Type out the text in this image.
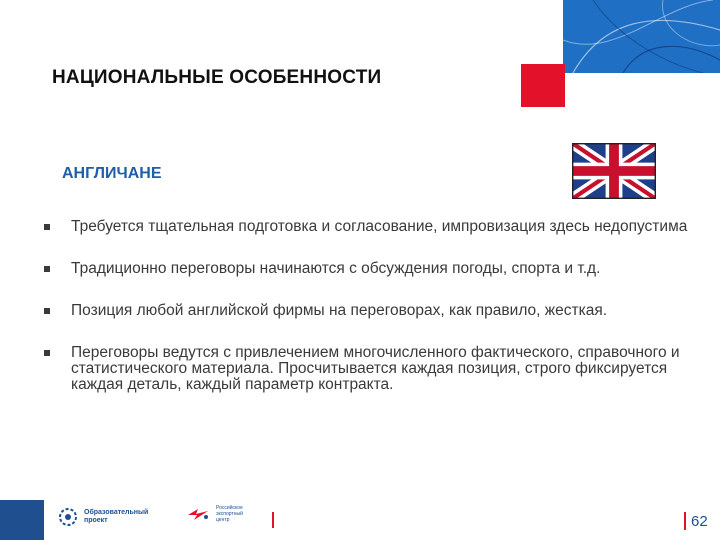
НАЦИОНАЛЬНЫЕ ОСОБЕННОСТИ
АНГЛИЧАНЕ
Требуется тщательная подготовка и согласование, импровизация здесь недопустима
Традиционно переговоры начинаются с обсуждения погоды, спорта и т.д.
Позиция любой английской фирмы на переговорах, как правило, жесткая.
Переговоры ведутся с привлечением многочисленного фактического, справочного и статистического материала. Просчитывается каждая позиция, строго фиксируется каждая деталь, каждый параметр контракта.
Образовательный проект
Российское экспортный центр	62
